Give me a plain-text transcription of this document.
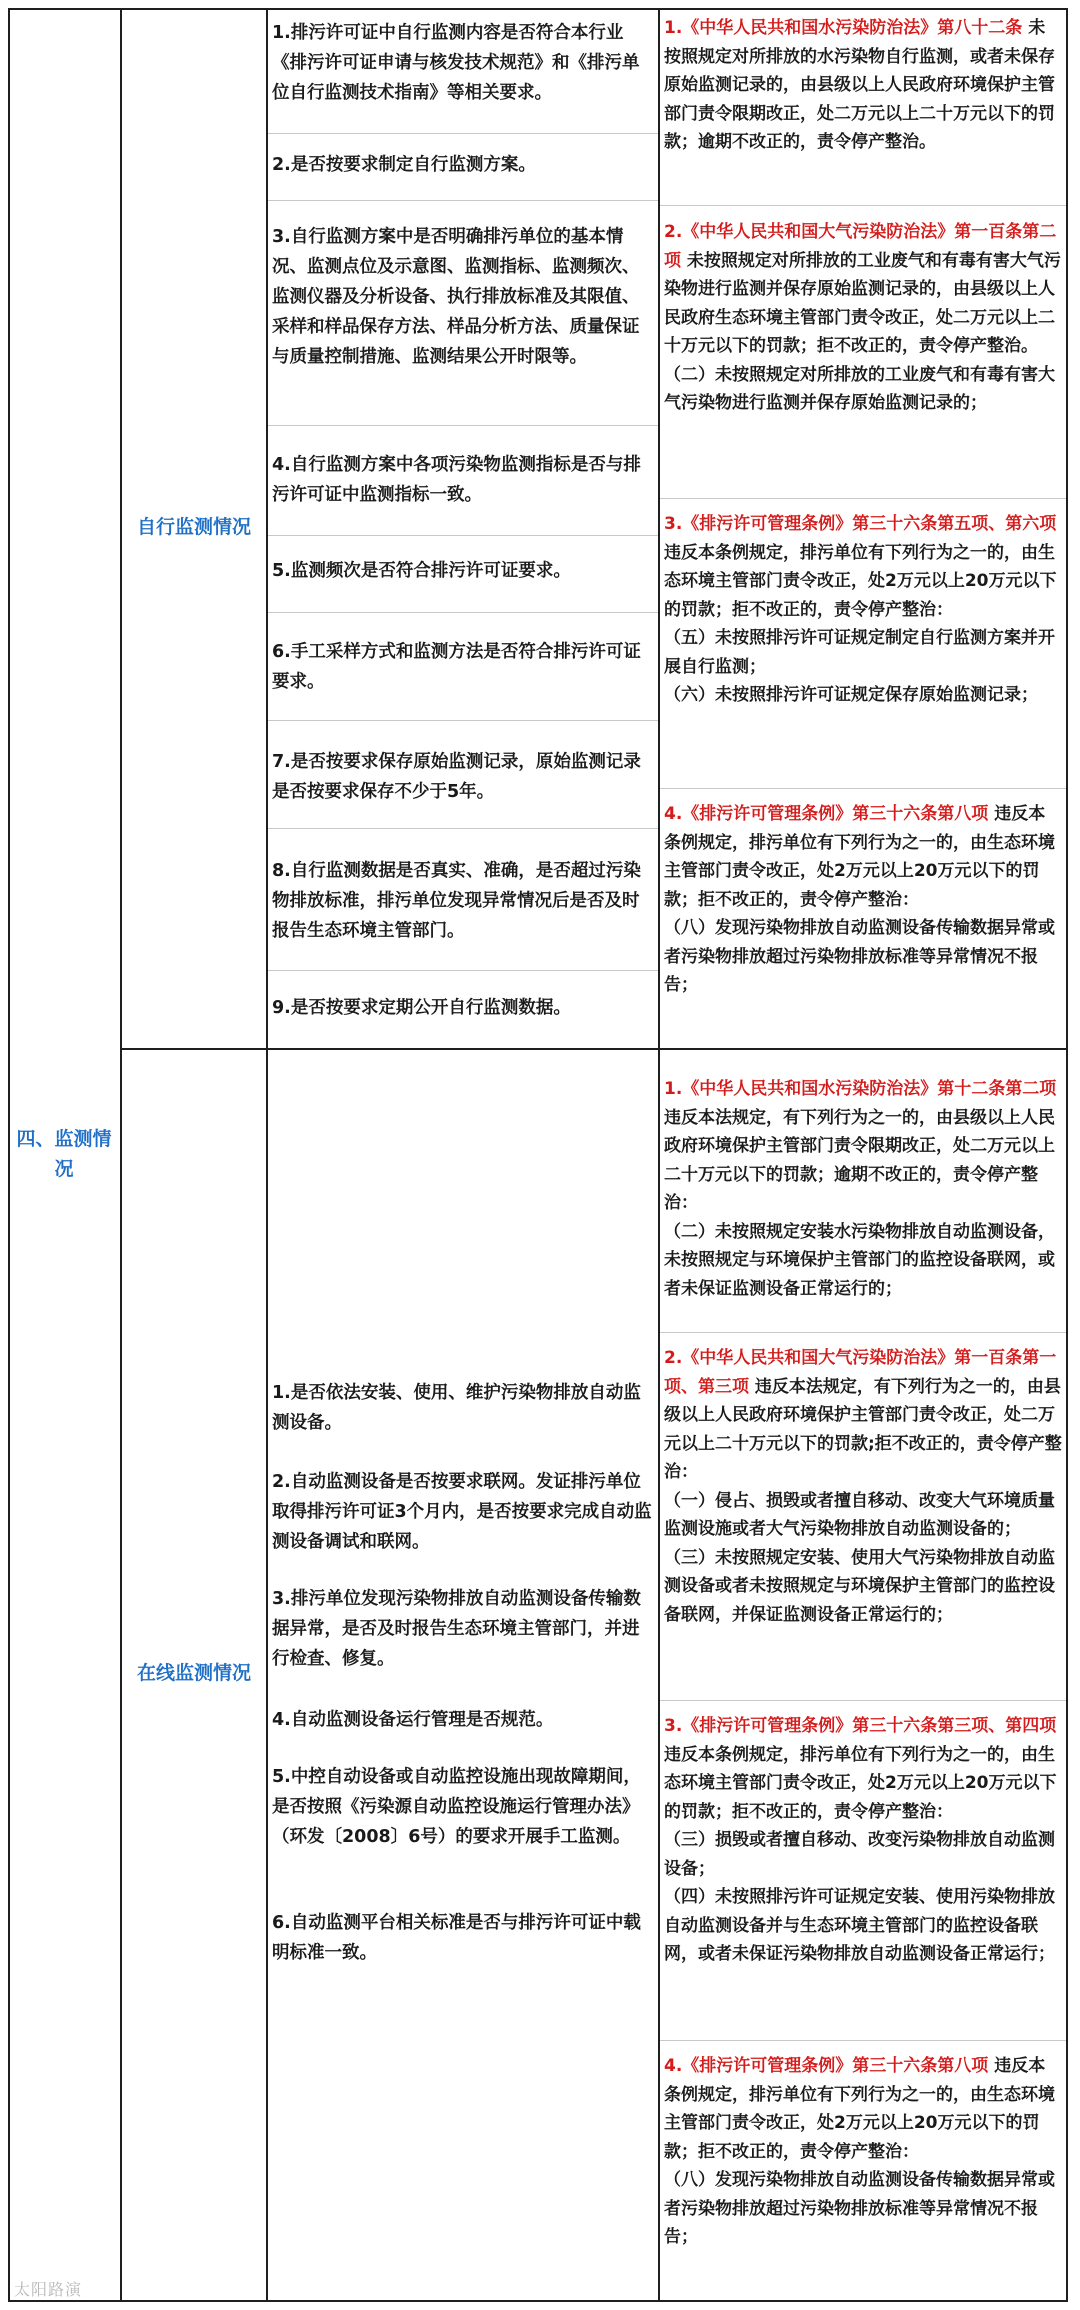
四、监测情况
自行监测情况
在线监测情况
1.排污许可证中自行监测内容是否符合本行业《排污许可证申请与核发技术规范》和《排污单位自行监测技术指南》等相关要求。
2.是否按要求制定自行监测方案。
3.自行监测方案中是否明确排污单位的基本情况、监测点位及示意图、监测指标、监测频次、监测仪器及分析设备、执行排放标准及其限值、采样和样品保存方法、样品分析方法、质量保证与质量控制措施、监测结果公开时限等。
4.自行监测方案中各项污染物监测指标是否与排污许可证中监测指标一致。
5.监测频次是否符合排污许可证要求。
6.手工采样方式和监测方法是否符合排污许可证要求。
7.是否按要求保存原始监测记录，原始监测记录是否按要求保存不少于5年。
8.自行监测数据是否真实、准确，是否超过污染物排放标准，排污单位发现异常情况后是否及时报告生态环境主管部门。
9.是否按要求定期公开自行监测数据。
1.是否依法安装、使用、维护污染物排放自动监测设备。
2.自动监测设备是否按要求联网。发证排污单位取得排污许可证3个月内，是否按要求完成自动监测设备调试和联网。
3.排污单位发现污染物排放自动监测设备传输数据异常，是否及时报告生态环境主管部门，并进行检查、修复。
4.自动监测设备运行管理是否规范。
5.中控自动设备或自动监控设施出现故障期间，是否按照《污染源自动监控设施运行管理办法》（环发〔2008〕6号）的要求开展手工监测。
6.自动监测平台相关标准是否与排污许可证中载明标准一致。
1.《中华人民共和国水污染防治法》第八十二条 未按照规定对所排放的水污染物自行监测，或者未保存原始监测记录的，由县级以上人民政府环境保护主管部门责令限期改正，处二万元以上二十万元以下的罚款；逾期不改正的，责令停产整治。
2.《中华人民共和国大气污染防治法》第一百条第二项 未按照规定对所排放的工业废气和有毒有害大气污染物进行监测并保存原始监测记录的，由县级以上人民政府生态环境主管部门责令改正，处二万元以上二十万元以下的罚款；拒不改正的，责令停产整治。

（二）未按照规定对所排放的工业废气和有毒有害大气污染物进行监测并保存原始监测记录的；

3.《排污许可管理条例》第三十六条第五项、第六项 违反本条例规定，排污单位有下列行为之一的，由生态环境主管部门责令改正，处2万元以上20万元以下的罚款；拒不改正的，责令停产整治：

（五）未按照排污许可证规定制定自行监测方案并开展自行监测；

（六）未按照排污许可证规定保存原始监测记录；

4.《排污许可管理条例》第三十六条第八项 违反本条例规定，排污单位有下列行为之一的，由生态环境主管部门责令改正，处2万元以上20万元以下的罚款；拒不改正的，责令停产整治：

（八）发现污染物排放自动监测设备传输数据异常或者污染物排放超过污染物排放标准等异常情况不报告；

1.《中华人民共和国水污染防治法》第十二条第二项 违反本法规定，有下列行为之一的，由县级以上人民政府环境保护主管部门责令限期改正，处二万元以上二十万元以下的罚款；逾期不改正的，责令停产整治：

（二）未按照规定安装水污染物排放自动监测设备，未按照规定与环境保护主管部门的监控设备联网，或者未保证监测设备正常运行的；

2.《中华人民共和国大气污染防治法》第一百条第一项、第三项 违反本法规定，有下列行为之一的，由县级以上人民政府环境保护主管部门责令改正，处二万元以上二十万元以下的罚款;拒不改正的，责令停产整治：

（一）侵占、损毁或者擅自移动、改变大气环境质量监测设施或者大气污染物排放自动监测设备的；

（三）未按照规定安装、使用大气污染物排放自动监测设备或者未按照规定与环境保护主管部门的监控设备联网，并保证监测设备正常运行的；

3.《排污许可管理条例》第三十六条第三项、第四项 违反本条例规定，排污单位有下列行为之一的，由生态环境主管部门责令改正，处2万元以上20万元以下的罚款；拒不改正的，责令停产整治：

（三）损毁或者擅自移动、改变污染物排放自动监测设备；

（四）未按照排污许可证规定安装、使用污染物排放自动监测设备并与生态环境主管部门的监控设备联网，或者未保证污染物排放自动监测设备正常运行；

4.《排污许可管理条例》第三十六条第八项 违反本条例规定，排污单位有下列行为之一的，由生态环境主管部门责令改正，处2万元以上20万元以下的罚款；拒不改正的，责令停产整治：

（八）发现污染物排放自动监测设备传输数据异常或者污染物排放超过污染物排放标准等异常情况不报告；

太阳路演
